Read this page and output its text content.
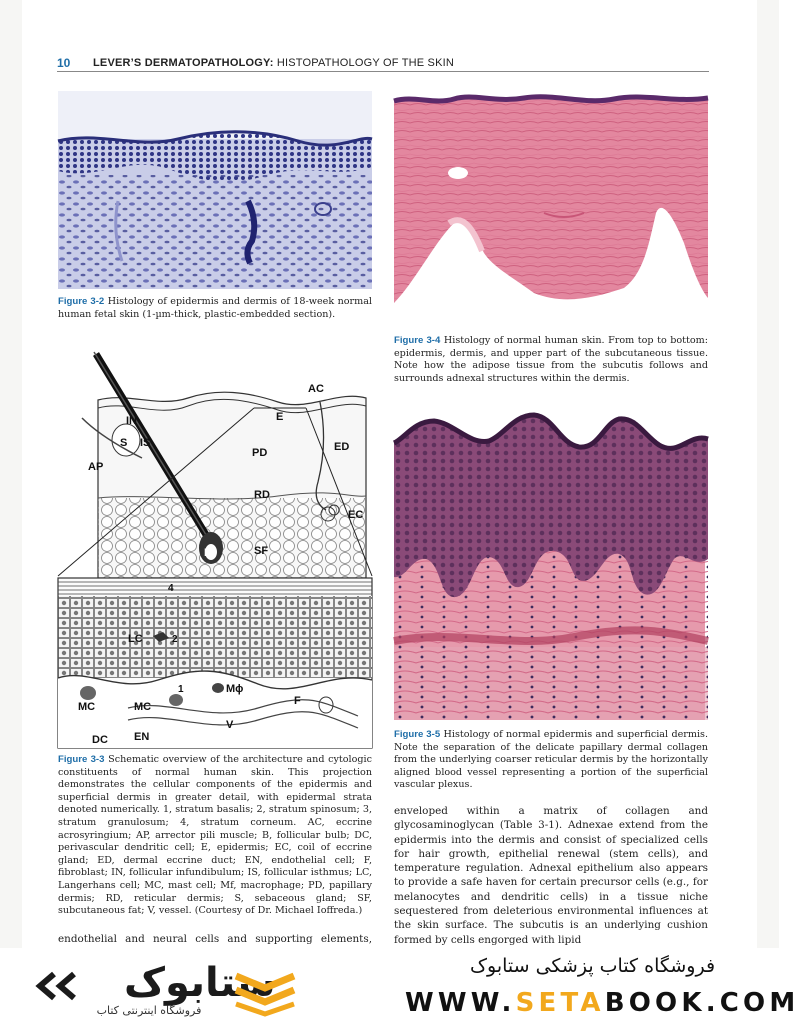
10 LEVER’S DERMATOPATHOLOGY: HISTOPATHOLOGY OF THE SKIN
Figure 3-2 Histology of epidermis and dermis of 18-week normal human fetal skin (1-µm-thick, plastic-embedded section).
Figure 3-4 Histology of normal human skin. From top to bottom: epidermis, dermis, and upper part of the subcutaneous tissue. Note how the adipose tissue from the subcutis follows and surrounds adnexal structures within the dermis.
AC
E
IN
IS
S
AP
PD	ED
RD
EC
B	SF
4
LC	2
1	Mɸ
MC	MC	F
V
DC EN
Figure 3-3 Schematic overview of the architecture and cytologic constituents of normal human skin. This projection demonstrates the cellular components of the epidermis and superficial dermis in greater detail, with epidermal strata denoted numerically. 1, stratum basalis; 2, stratum spinosum; 3, stratum granulosum; 4, stratum corneum. AC, eccrine acrosyringium; AP, arrector pili muscle; B, follicular bulb; DC, perivascular dendritic cell; E, epidermis; EC, coil of eccrine gland; ED, dermal eccrine duct; EN, endothelial cell; F, fibroblast; IN, follicular infundibulum; IS, follicular isthmus; LC, Langerhans cell; MC, mast cell; Mf, macrophage; PD, papillary dermis; RD, reticular dermis; S, sebaceous gland; SF, subcutaneous fat; V, vessel. (Courtesy of Dr. Michael Ioffreda.)
Figure 3-5 Histology of normal epidermis and superficial dermis. Note the separation of the delicate papillary dermal collagen from the underlying coarser reticular dermis by the horizontally aligned blood vessel representing a portion of the superficial vascular plexus.
endothelial and neural cells and supporting elements,
enveloped within a matrix of collagen and glycosaminoglycan (Table 3-1). Adnexae extend from the epidermis into the dermis and consist of specialized cells for hair growth, epithelial renewal (stem cells), and temperature regulation. Adnexal epithelium also appears to provide a safe haven for certain precursor cells (e.g., for melanocytes and dendritic cells) in a tissue niche sequestered from deleterious environmental influences at the skin surface. The subcutis is an underlying cushion formed by cells engorged with lipid
ستابوک
فروشگاه اینترنتی کتاب
فروشگاه کتاب پزشکی ستابوک
WWW.SETABOOK.COM
